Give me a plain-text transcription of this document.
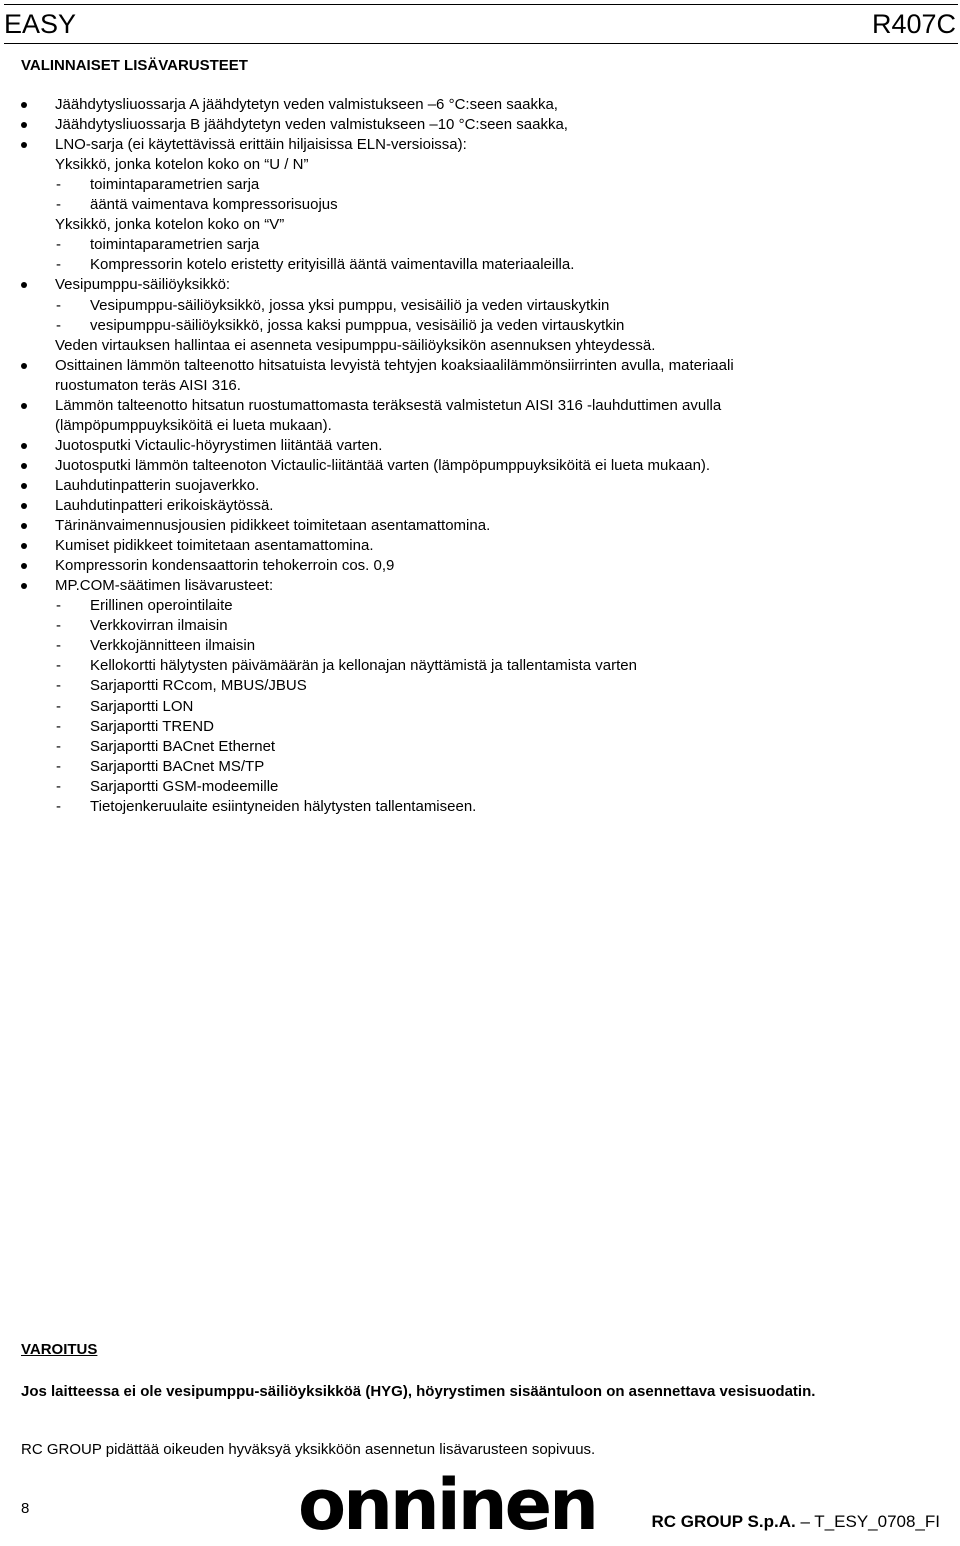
EASY	R407C
VALINNAISET LISÄVARUSTEET
Jäähdytysliuossarja A jäähdytetyn veden valmistukseen –6 °C:seen saakka,
Jäähdytysliuossarja B jäähdytetyn veden valmistukseen –10 °C:seen saakka,
LNO-sarja (ei käytettävissä erittäin hiljaisissa ELN-versioissa):
Yksikkö, jonka kotelon koko on “U / N”
- toimintaparametrien sarja
- ääntä vaimentava kompressorisuojus
Yksikkö, jonka kotelon koko on “V”
- toimintaparametrien sarja
- Kompressorin kotelo eristetty erityisillä ääntä vaimentavilla materiaaleilla.
Vesipumppu-säiliöyksikkö:
- Vesipumppu-säiliöyksikkö, jossa yksi pumppu, vesisäiliö ja veden virtauskytkin
- vesipumppu-säiliöyksikkö, jossa kaksi pumppua, vesisäiliö ja veden virtauskytkin
Veden virtauksen hallintaa ei asenneta vesipumppu-säiliöyksikön asennuksen yhteydessä.
Osittainen lämmön talteenotto hitsatuista levyistä tehtyjen koaksiaalilämmönsiirrinten avulla, materiaali
ruostumaton teräs AISI 316.
Lämmön talteenotto hitsatun ruostumattomasta teräksestä valmistetun AISI 316 -lauhduttimen avulla
(lämpöpumppuyksiköitä ei lueta mukaan).
Juotosputki Victaulic-höyrystimen liitäntää varten.
Juotosputki lämmön talteenoton Victaulic-liitäntää varten (lämpöpumppuyksiköitä ei lueta mukaan).
Lauhdutinpatterin suojaverkko.
Lauhdutinpatteri erikoiskäytössä.
Tärinänvaimennusjousien pidikkeet toimitetaan asentamattomina.
Kumiset pidikkeet toimitetaan asentamattomina.
Kompressorin kondensaattorin tehokerroin cos. 0,9
MP.COM-säätimen lisävarusteet:
- Erillinen operointilaite
- Verkkovirran ilmaisin
- Verkkojännitteen ilmaisin
- Kellokortti hälytysten päivämäärän ja kellonajan näyttämistä ja tallentamista varten
- Sarjaportti RCcom, MBUS/JBUS
- Sarjaportti LON
- Sarjaportti TREND
- Sarjaportti BACnet Ethernet
- Sarjaportti BACnet MS/TP
- Sarjaportti GSM-modeemille
- Tietojenkeruulaite esiintyneiden hälytysten tallentamiseen.
VAROITUS
Jos laitteessa ei ole vesipumppu-säiliöyksikköä (HYG), höyrystimen sisääntuloon on asennettava vesisuodatin.
RC GROUP pidättää oikeuden hyväksyä yksikköön asennetun lisävarusteen sopivuus.
8	onninen	RC GROUP S.p.A. – T_ESY_0708_FI
